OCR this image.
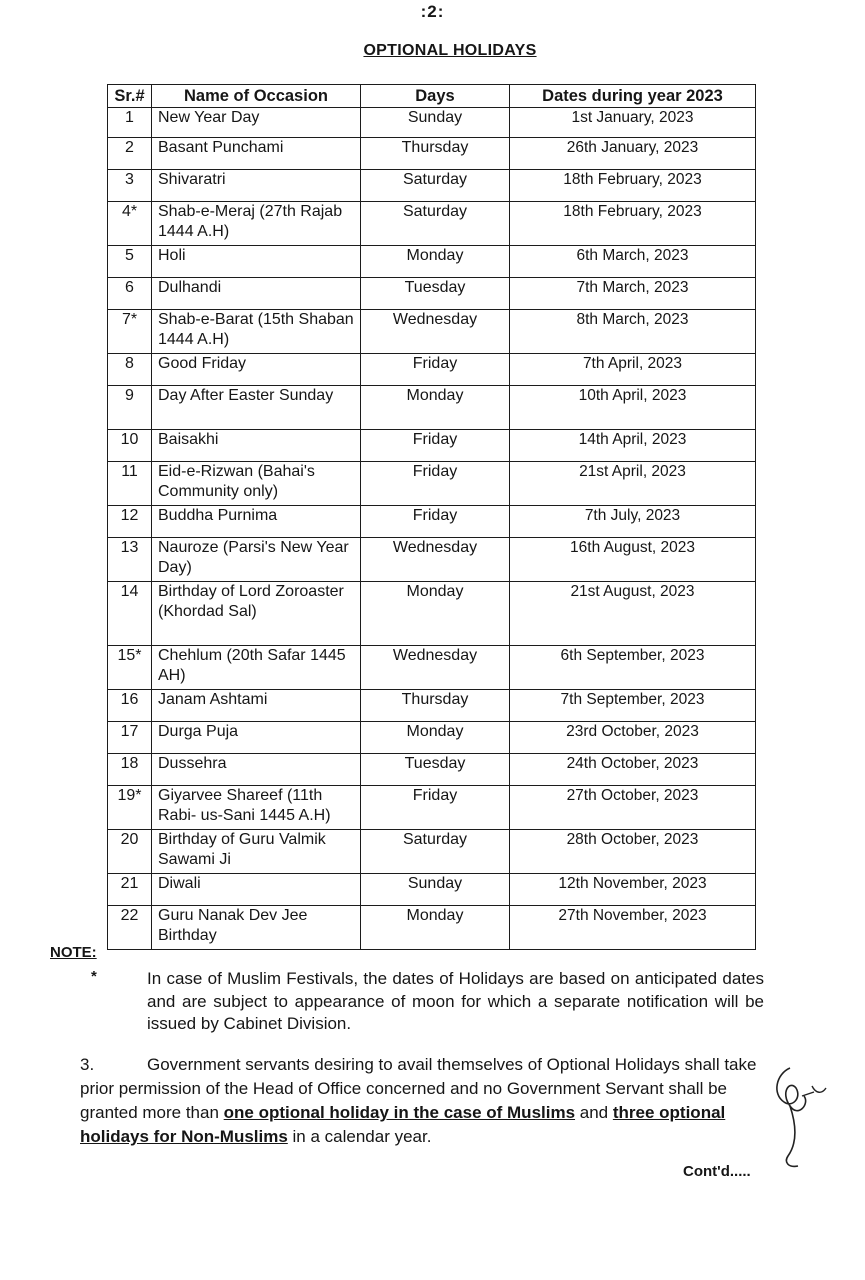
:2:
OPTIONAL HOLIDAYS
Sr.#	Name of Occasion	Days	Dates during year 2023
1	New Year Day	Sunday	1st January, 2023
2	Basant Punchami	Thursday	26th January, 2023
3	Shivaratri	Saturday	18th February, 2023
4*	Shab-e-Meraj (27th Rajab 1444 A.H)	Saturday	18th February, 2023
5	Holi	Monday	6th March, 2023
6	Dulhandi	Tuesday	7th March, 2023
7*	Shab-e-Barat (15th Shaban 1444 A.H)	Wednesday	8th March, 2023
8	Good Friday	Friday	7th April, 2023
9	Day After Easter Sunday	Monday	10th April, 2023
10	Baisakhi	Friday	14th April, 2023
11	Eid-e-Rizwan (Bahai's Community only)	Friday	21st April, 2023
12	Buddha Purnima	Friday	7th July, 2023
13	Nauroze (Parsi's New Year Day)	Wednesday	16th August, 2023
14	Birthday of Lord Zoroaster (Khordad Sal)	Monday	21st August, 2023
15*	Chehlum (20th Safar 1445 AH)	Wednesday	6th September, 2023
16	Janam Ashtami	Thursday	7th September, 2023
17	Durga Puja	Monday	23rd October, 2023
18	Dussehra	Tuesday	24th October, 2023
19*	Giyarvee Shareef (11th Rabi- us-Sani 1445 A.H)	Friday	27th October, 2023
20	Birthday of Guru Valmik Sawami Ji	Saturday	28th October, 2023
21	Diwali	Sunday	12th November, 2023
22	Guru Nanak Dev Jee Birthday	Monday	27th November, 2023
NOTE:
*	In case of Muslim Festivals, the dates of Holidays are based on anticipated dates and are subject to appearance of moon for which a separate notification will be issued by Cabinet Division.
3.	Government servants desiring to avail themselves of Optional Holidays shall take prior permission of the Head of Office concerned and no Government Servant shall be granted more than one optional holiday in the case of Muslims and three optional holidays for Non-Muslims in a calendar year.
Cont'd.....
